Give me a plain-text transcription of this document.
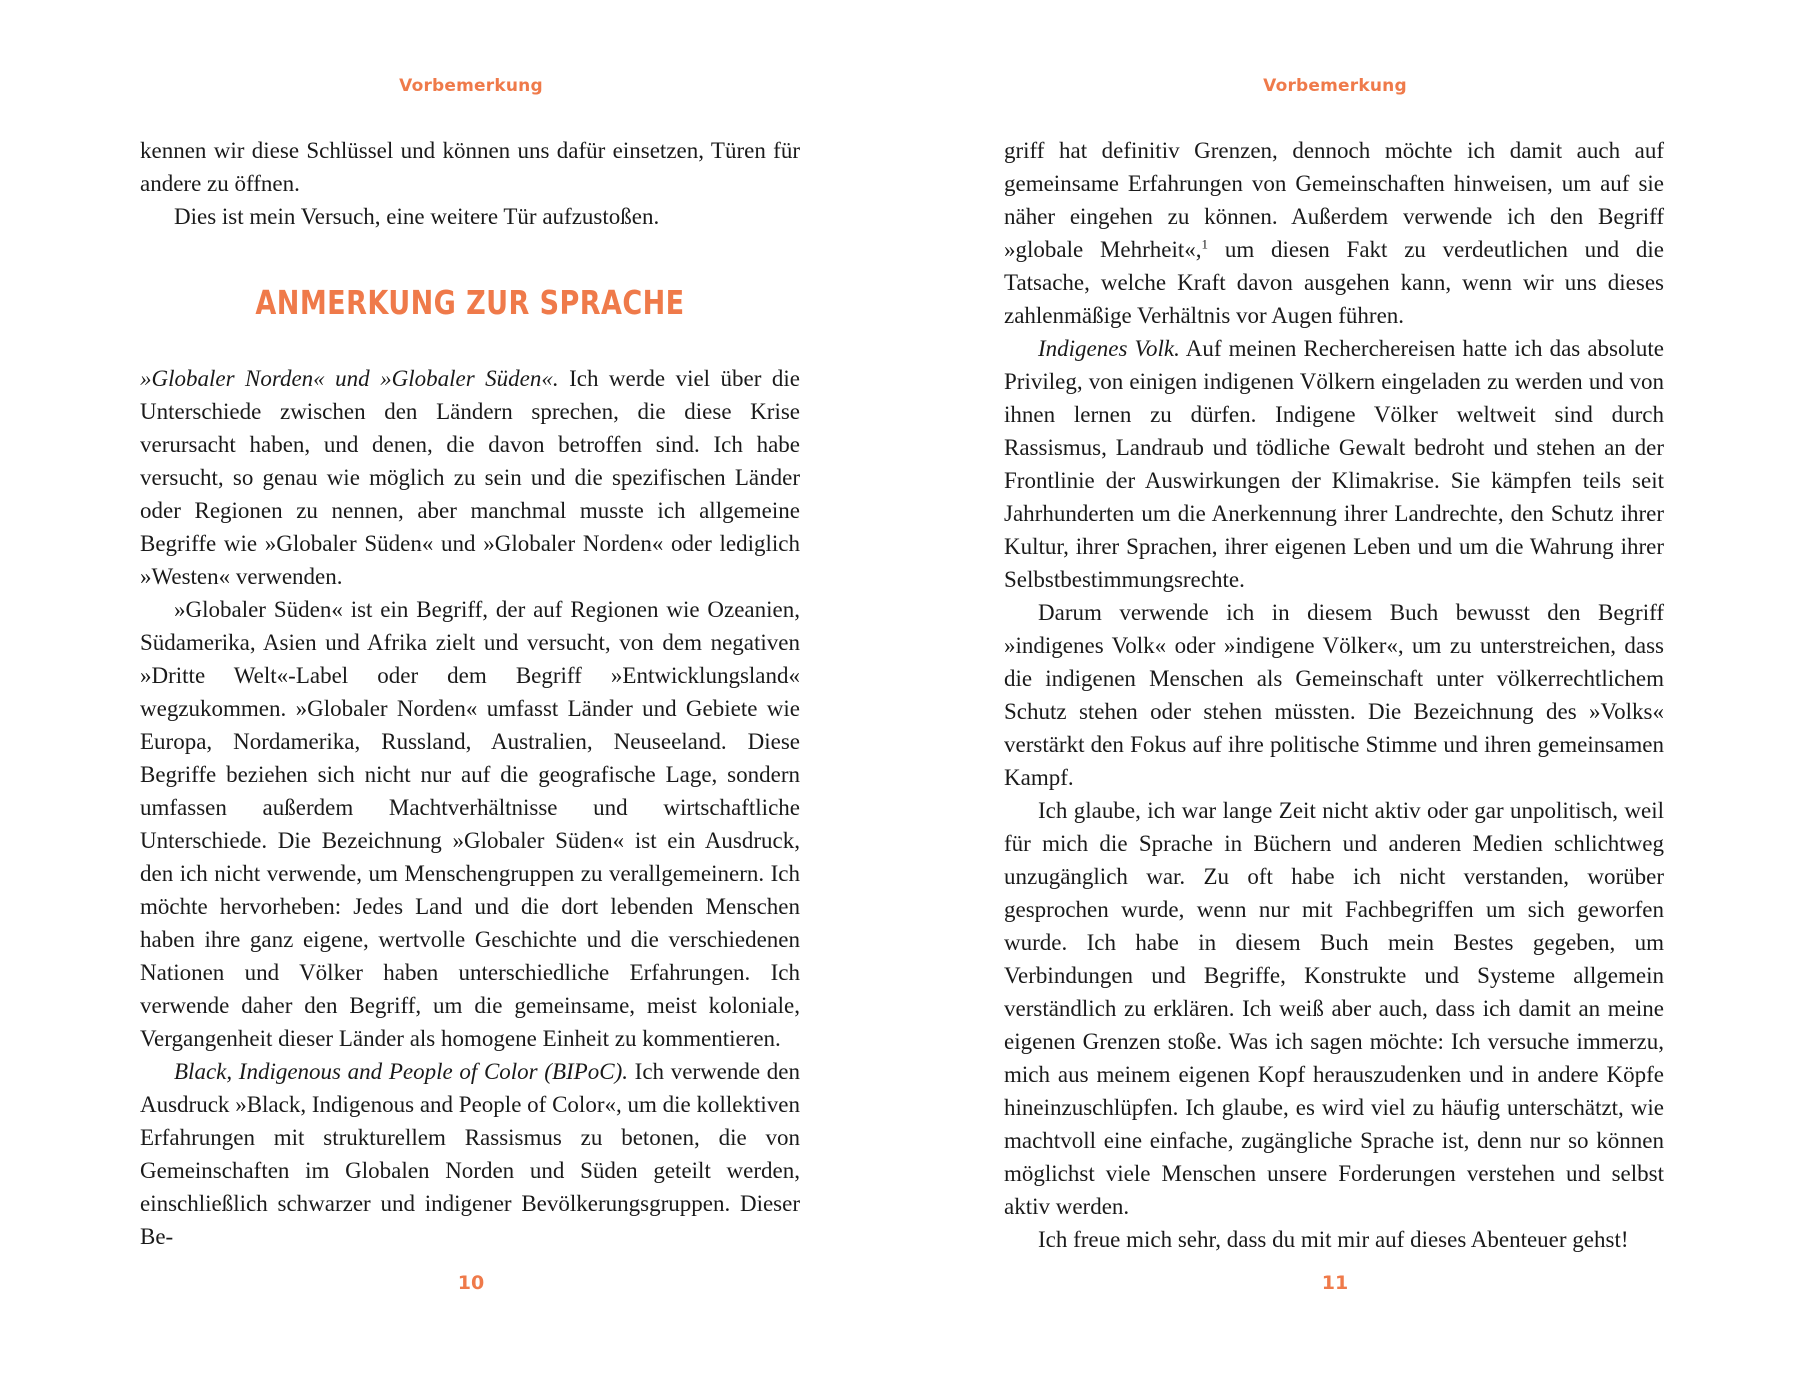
Vorbemerkung

kennen wir diese Schlüssel und können uns dafür einsetzen, Türen für andere zu öffnen.

Dies ist mein Versuch, eine weitere Tür aufzustoßen.

ANMERKUNG ZUR SPRACHE

»Globaler Norden« und »Globaler Süden«. Ich werde viel über die Unterschiede zwischen den Ländern sprechen, die diese Krise verursacht haben, und denen, die davon betroffen sind. Ich habe versucht, so genau wie möglich zu sein und die spezifischen Länder oder Regionen zu nennen, aber manchmal musste ich allgemeine Begriffe wie »Globaler Süden« und »Globaler Norden« oder lediglich »Westen« verwenden.

»Globaler Süden« ist ein Begriff, der auf Regionen wie Ozeanien, Südamerika, Asien und Afrika zielt und versucht, von dem negativen »Dritte Welt«-Label oder dem Begriff »Entwicklungsland« wegzukommen. »Globaler Norden« umfasst Länder und Gebiete wie Europa, Nordamerika, Russland, Australien, Neuseeland. Diese Begriffe beziehen sich nicht nur auf die geografische Lage, sondern umfassen außerdem Machtverhältnisse und wirtschaftliche Unterschiede. Die Bezeichnung »Globaler Süden« ist ein Ausdruck, den ich nicht verwende, um Menschengruppen zu verallgemeinern. Ich möchte hervorheben: Jedes Land und die dort lebenden Menschen haben ihre ganz eigene, wertvolle Geschichte und die verschiedenen Nationen und Völker haben unterschiedliche Erfahrungen. Ich verwende daher den Begriff, um die gemeinsame, meist koloniale, Vergangenheit dieser Länder als homogene Einheit zu kommentieren.

Black, Indigenous and People of Color (BIPoC). Ich verwende den Ausdruck »Black, Indigenous and People of Color«, um die kollektiven Erfahrungen mit strukturellem Rassismus zu betonen, die von Gemeinschaften im Globalen Norden und Süden geteilt werden, einschließlich schwarzer und indigener Bevölkerungsgruppen. Dieser Be-

10
Vorbemerkung

griff hat definitiv Grenzen, dennoch möchte ich damit auch auf gemeinsame Erfahrungen von Gemeinschaften hinweisen, um auf sie näher eingehen zu können. Außerdem verwende ich den Begriff »globale Mehrheit«,$^1$ um diesen Fakt zu verdeutlichen und die Tatsache, welche Kraft davon ausgehen kann, wenn wir uns dieses zahlenmäßige Verhältnis vor Augen führen.

Indigenes Volk. Auf meinen Recherchereisen hatte ich das absolute Privileg, von einigen indigenen Völkern eingeladen zu werden und von ihnen lernen zu dürfen. Indigene Völker weltweit sind durch Rassismus, Landraub und tödliche Gewalt bedroht und stehen an der Frontlinie der Auswirkungen der Klimakrise. Sie kämpfen teils seit Jahrhunderten um die Anerkennung ihrer Landrechte, den Schutz ihrer Kultur, ihrer Sprachen, ihrer eigenen Leben und um die Wahrung ihrer Selbstbestimmungsrechte.

Darum verwende ich in diesem Buch bewusst den Begriff »indigenes Volk« oder »indigene Völker«, um zu unterstreichen, dass die indigenen Menschen als Gemeinschaft unter völkerrechtlichem Schutz stehen oder stehen müssten. Die Bezeichnung des »Volks« verstärkt den Fokus auf ihre politische Stimme und ihren gemeinsamen Kampf.

Ich glaube, ich war lange Zeit nicht aktiv oder gar unpolitisch, weil für mich die Sprache in Büchern und anderen Medien schlichtweg unzugänglich war. Zu oft habe ich nicht verstanden, worüber gesprochen wurde, wenn nur mit Fachbegriffen um sich geworfen wurde. Ich habe in diesem Buch mein Bestes gegeben, um Verbindungen und Begriffe, Konstrukte und Systeme allgemein verständlich zu erklären. Ich weiß aber auch, dass ich damit an meine eigenen Grenzen stoße. Was ich sagen möchte: Ich versuche immerzu, mich aus meinem eigenen Kopf herauszudenken und in andere Köpfe hineinzuschlüpfen. Ich glaube, es wird viel zu häufig unterschätzt, wie machtvoll eine einfache, zugängliche Sprache ist, denn nur so können möglichst viele Menschen unsere Forderungen verstehen und selbst aktiv werden.

Ich freue mich sehr, dass du mit mir auf dieses Abenteuer gehst!

11
